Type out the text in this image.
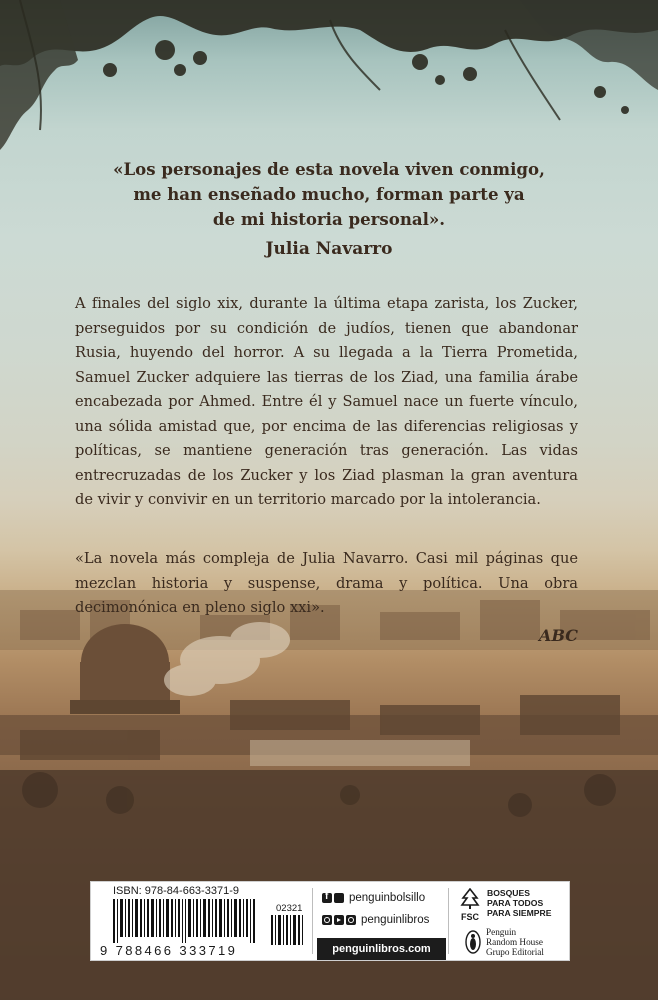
«Los personajes de esta novela viven conmigo,
me han enseñado mucho, forman parte ya
de mi historia personal».

Julia Navarro

A finales del siglo xix, durante la última etapa zarista, los Zucker, perseguidos por su condición de judíos, tienen que abandonar Rusia, huyendo del horror. A su llegada a la Tierra Prometida, Samuel Zucker adquiere las tierras de los Ziad, una familia árabe encabezada por Ahmed. Entre él y Samuel nace un fuerte vínculo, una sólida amistad que, por encima de las diferencias religiosas y políticas, se mantiene generación tras generación. Las vidas entrecruzadas de los Zucker y los Ziad plasman la gran aventura de vivir y convivir en un territorio marcado por la intolerancia.

«La novela más compleja de Julia Navarro. Casi mil páginas que mezclan historia y suspense, drama y política. Una obra decimonónica en pleno siglo xxi».

ABC

ISBN: 978-84-663-3371-9
02321
9 788466 333719
f
penguinbolsillo
penguinlibros
penguinlibros.com
FSC
BOSQUES
PARA TODOS
PARA SIEMPRE
Penguin
Random House
Grupo Editorial
